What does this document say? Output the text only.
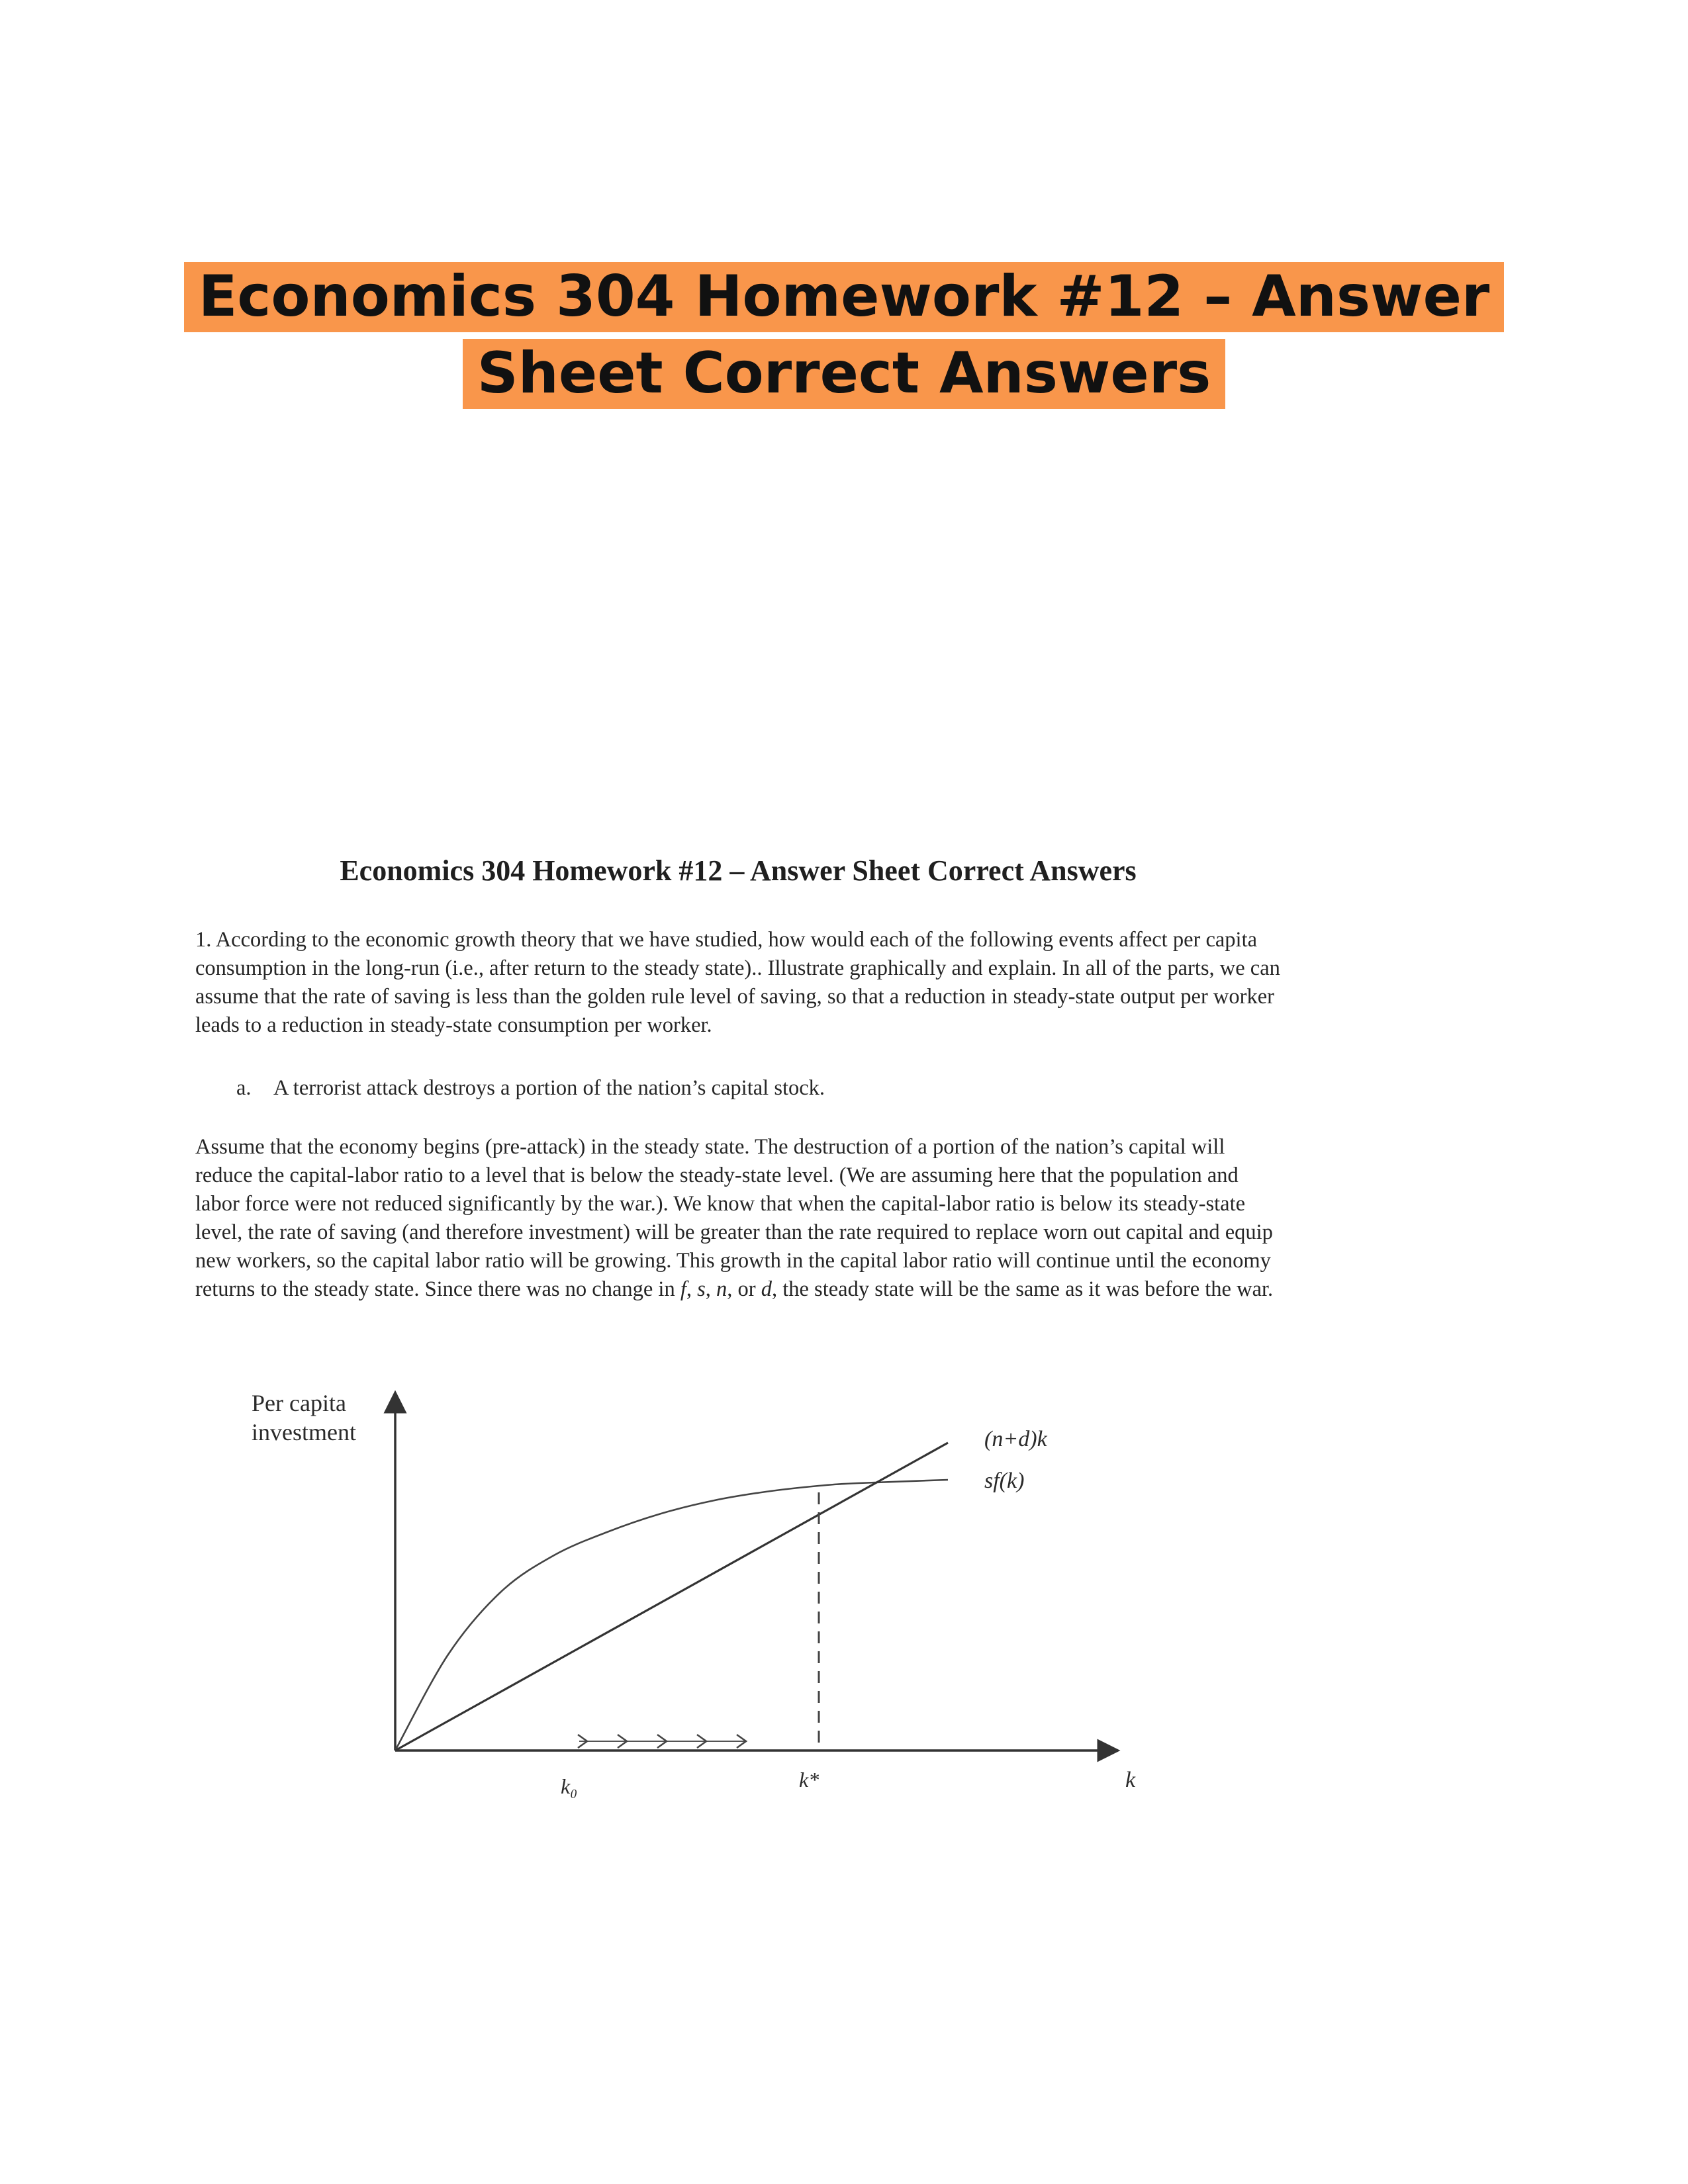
Economics 304 Homework #12 – Answer
Sheet Correct Answers
Economics 304 Homework #12 – Answer Sheet Correct Answers

1. According to the economic growth theory that we have studied, how would each of the following events affect per capita consumption in the long-run (i.e., after return to the steady state).. Illustrate graphically and explain. In all of the parts, we can assume that the rate of saving is less than the golden rule level of saving, so that a reduction in steady-state output per worker leads to a reduction in steady-state consumption per worker.

a. A terrorist attack destroys a portion of the nation’s capital stock.

Assume that the economy begins (pre-attack) in the steady state. The destruction of a portion of the nation’s capital will reduce the capital-labor ratio to a level that is below the steady-state level. (We are assuming here that the population and labor force were not reduced significantly by the war.). We know that when the capital-labor ratio is below its steady-state level, the rate of saving (and therefore investment) will be greater than the rate required to replace worn out capital and equip new workers, so the capital labor ratio will be growing. This growth in the capital labor ratio will continue until the economy returns to the steady state. Since there was no change in f, s, n, or d, the steady state will be the same as it was before the war.

Per capita
investment
k
(n+d)k
sf(k)
k*
k₀
